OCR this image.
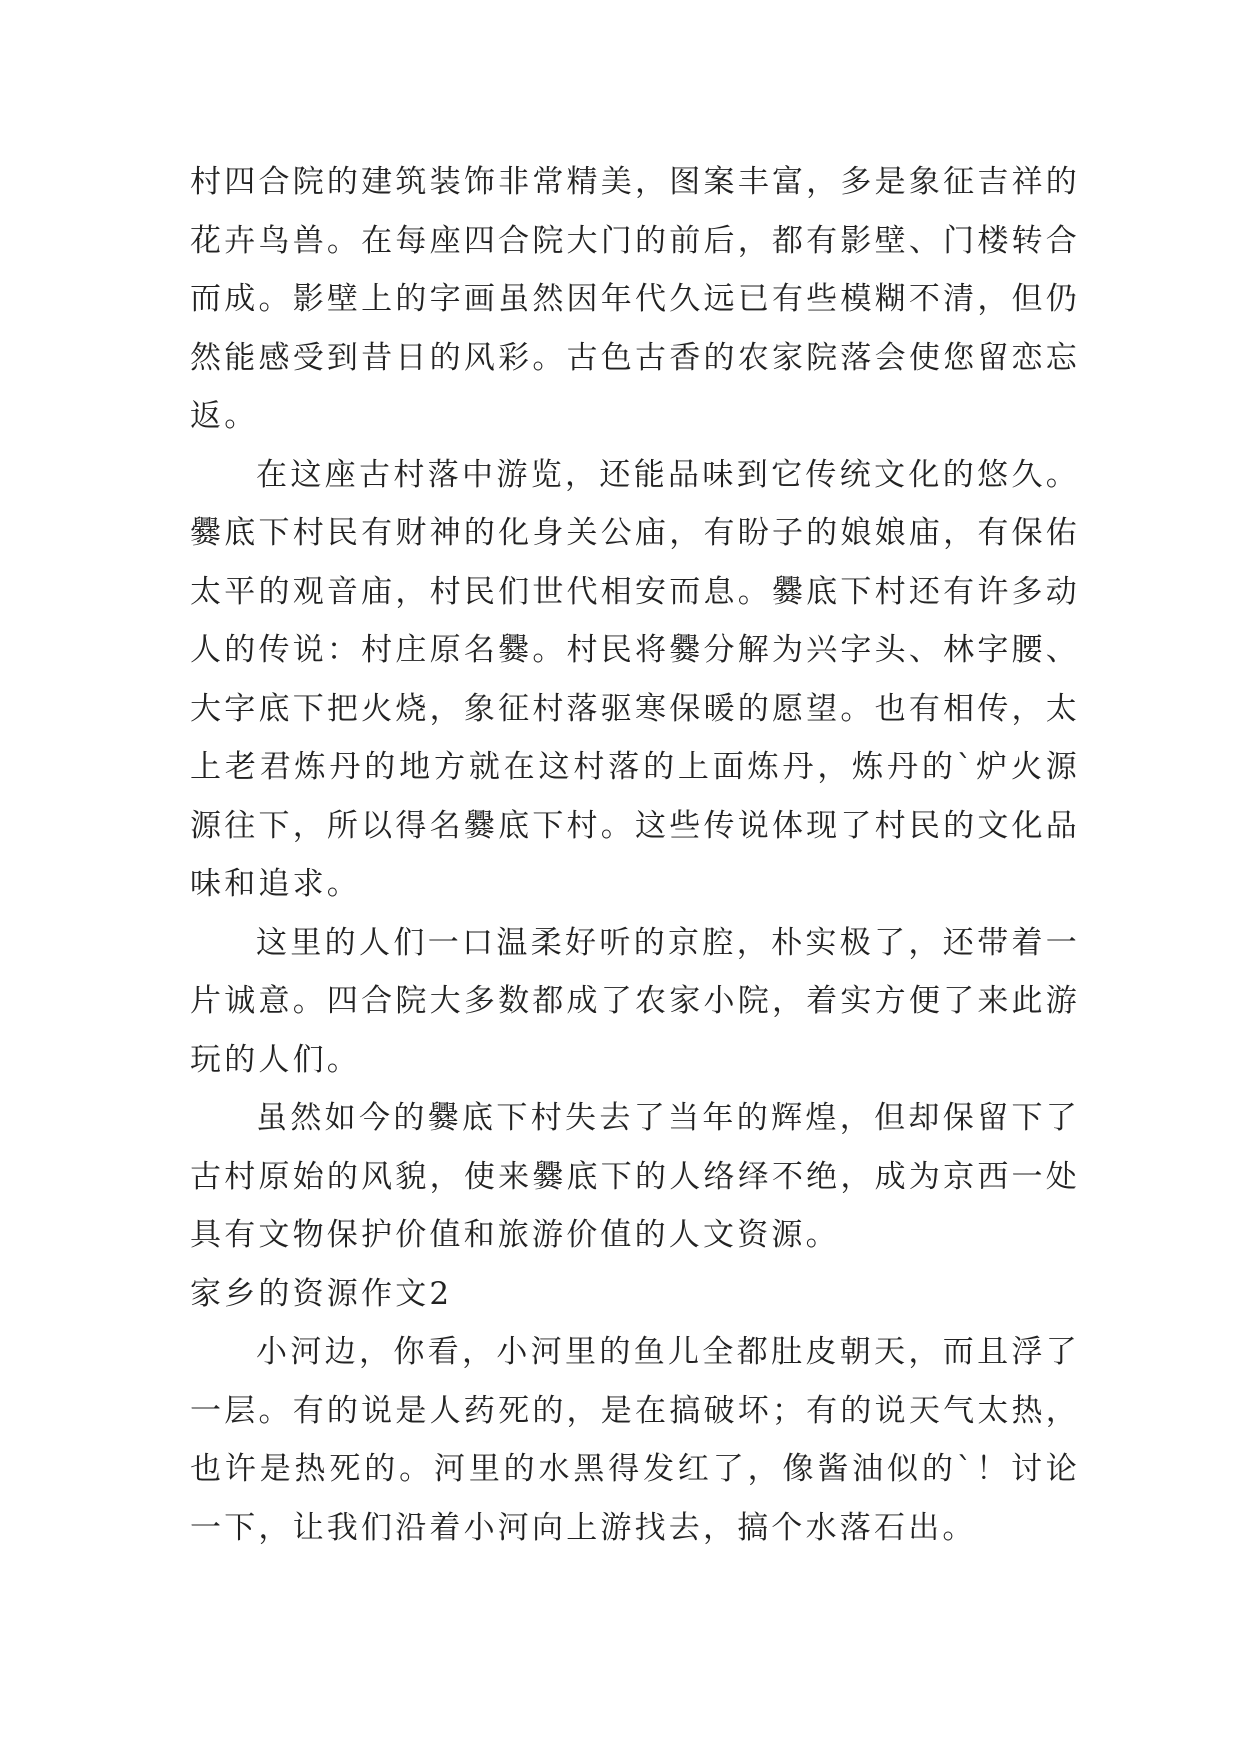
村四合院的建筑装饰非常精美，图案丰富，多是象征吉祥的花卉鸟兽。在每座四合院大门的前后，都有影壁、门楼转合而成。影壁上的字画虽然因年代久远已有些模糊不清，但仍然能感受到昔日的风彩。古色古香的农家院落会使您留恋忘返。

在这座古村落中游览，还能品味到它传统文化的悠久。爨底下村民有财神的化身关公庙，有盼子的娘娘庙，有保佑太平的观音庙，村民们世代相安而息。爨底下村还有许多动人的传说：村庄原名爨。村民将爨分解为兴字头、林字腰、大字底下把火烧，象征村落驱寒保暖的愿望。也有相传，太上老君炼丹的地方就在这村落的上面炼丹，炼丹的`炉火源源往下，所以得名爨底下村。这些传说体现了村民的文化品味和追求。

这里的人们一口温柔好听的京腔，朴实极了，还带着一片诚意。四合院大多数都成了农家小院，着实方便了来此游玩的人们。

虽然如今的爨底下村失去了当年的辉煌，但却保留下了古村原始的风貌，使来爨底下的人络绎不绝，成为京西一处具有文物保护价值和旅游价值的人文资源。

家乡的资源作文2

小河边，你看，小河里的鱼儿全都肚皮朝天，而且浮了一层。有的说是人药死的，是在搞破坏；有的说天气太热，也许是热死的。河里的水黑得发红了，像酱油似的`！讨论一下，让我们沿着小河向上游找去，搞个水落石出。
